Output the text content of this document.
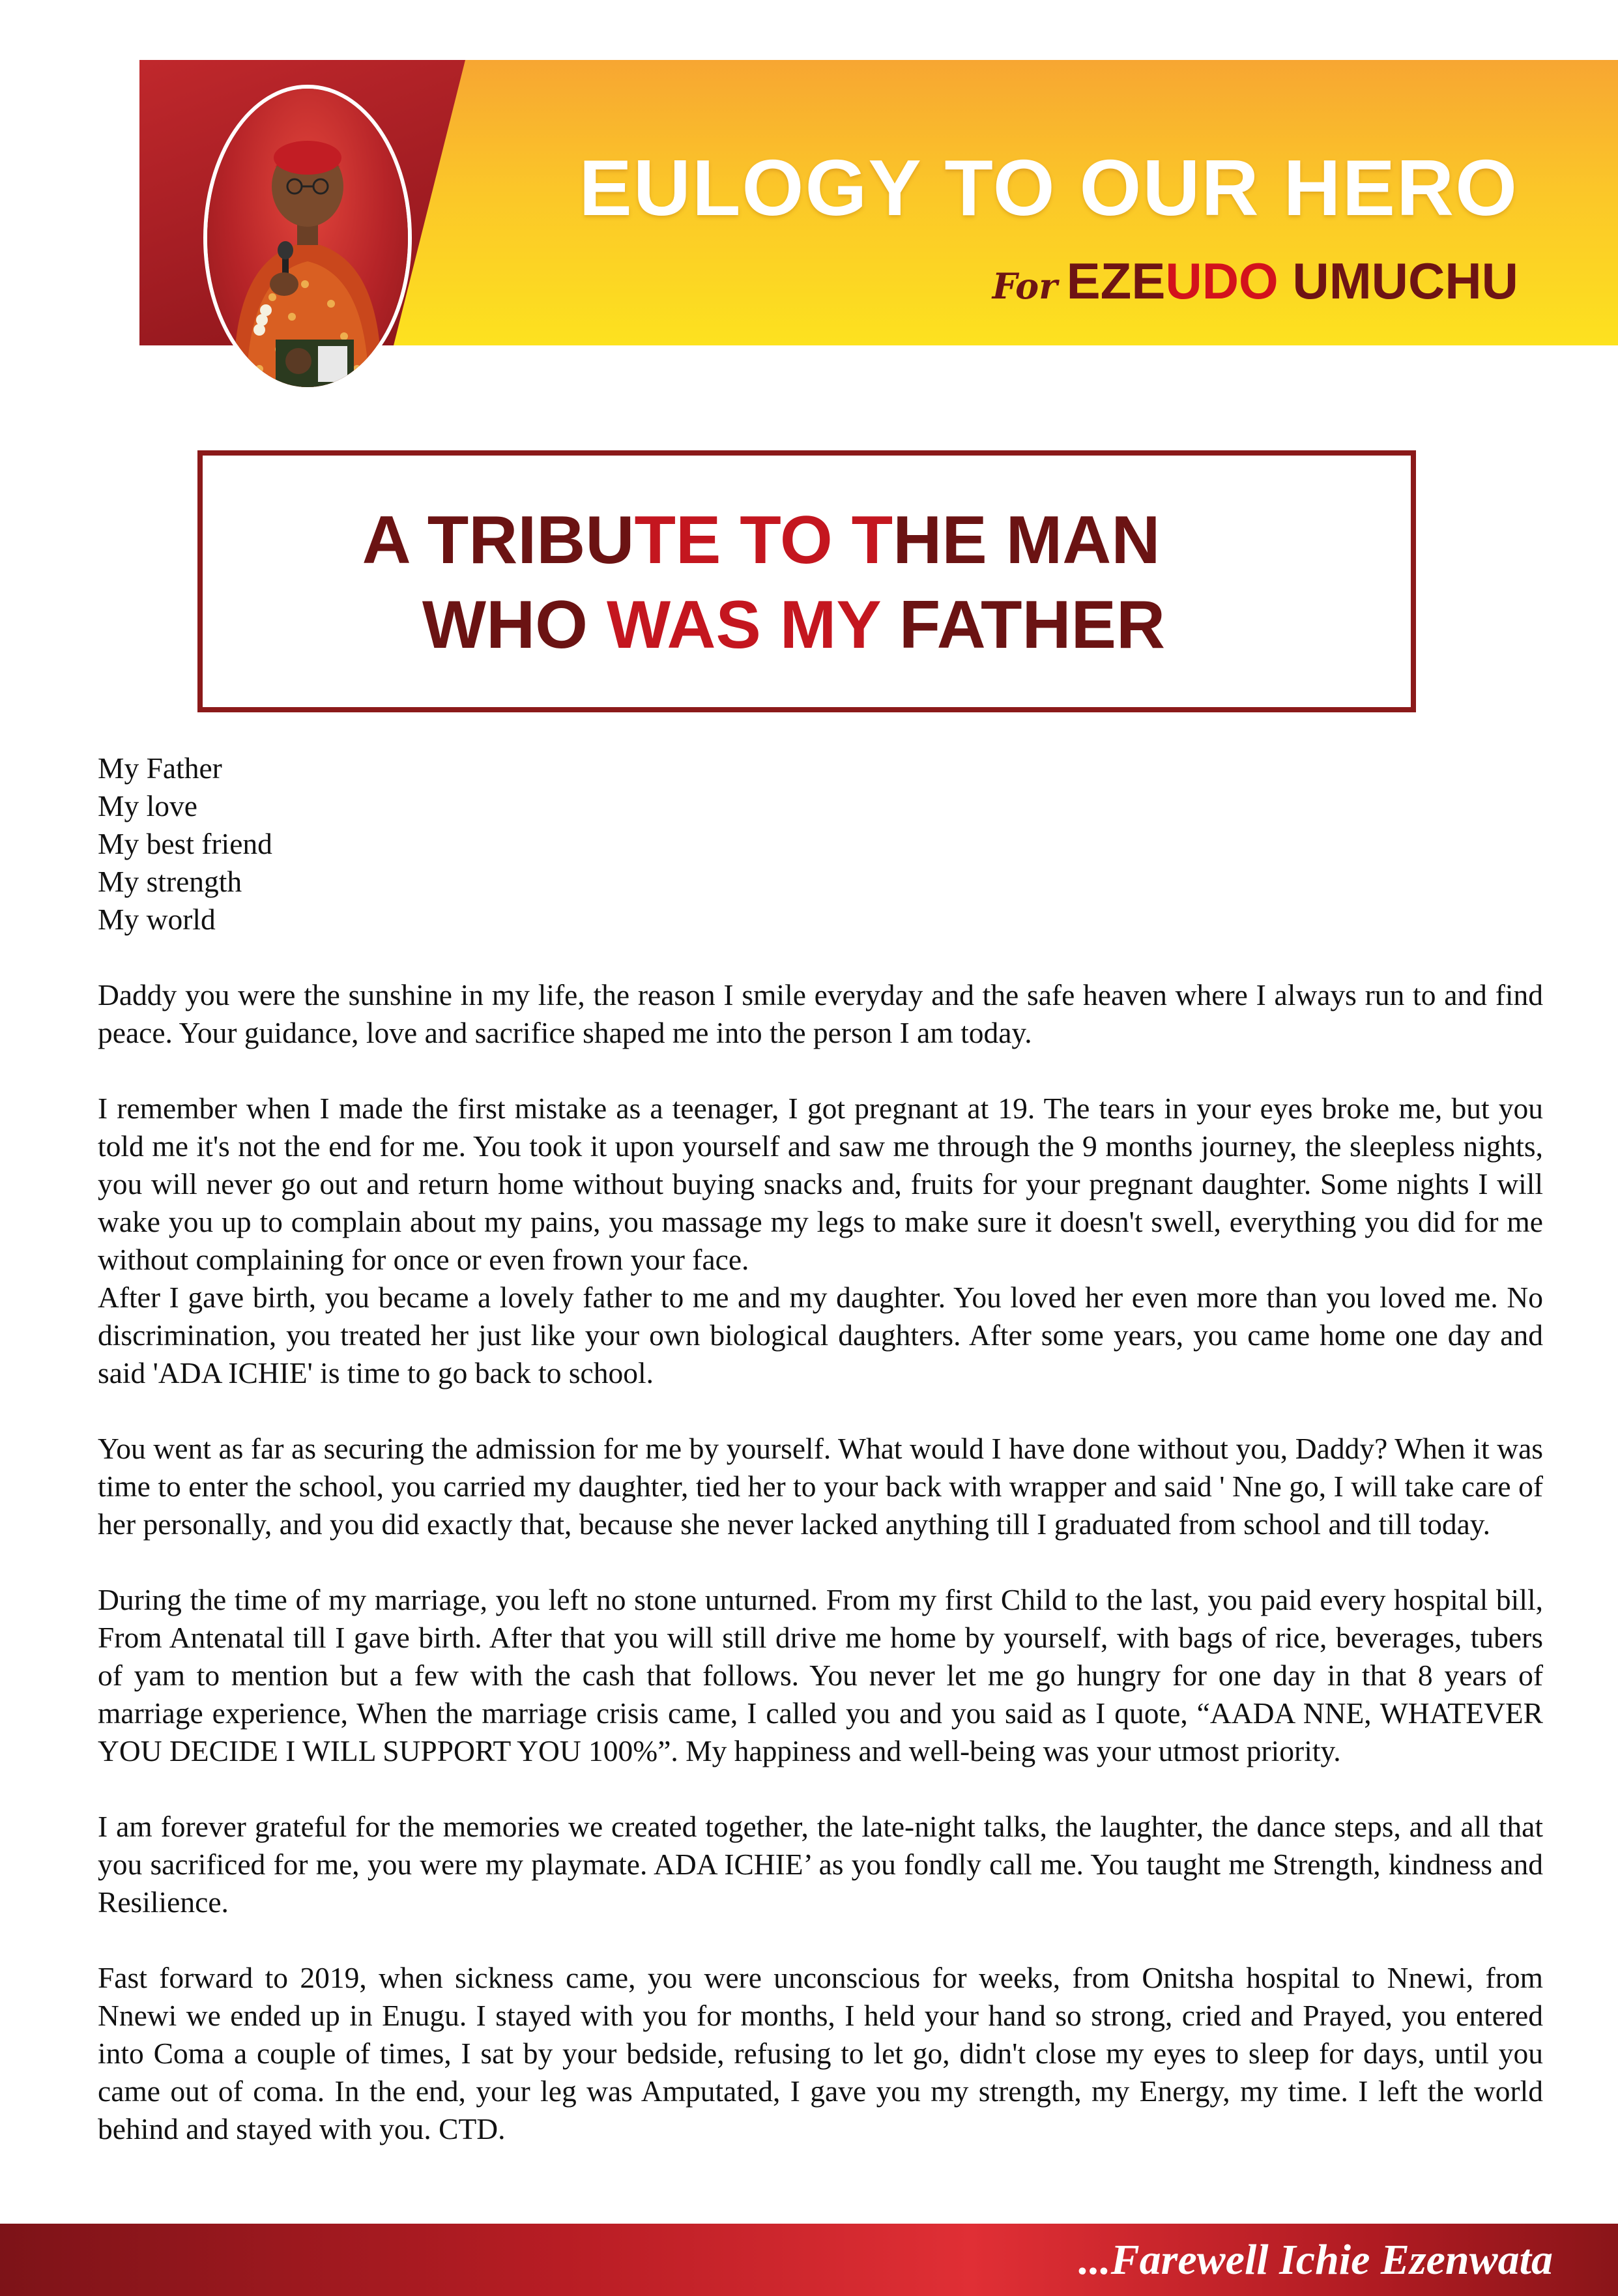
EULOGY TO OUR HERO
For EZEUDO UMUCHU
A TRIBUTE TO THE MAN
WHO WAS MY FATHER
My Father
My love
My best friend
My strength
My world

Daddy you were the sunshine in my life, the reason I smile everyday and the safe heaven where I always run to and find peace. Your guidance, love and sacrifice shaped me into the person I am today.

I remember when I made the first mistake as a teenager, I got pregnant at 19. The tears in your eyes broke me, but you told me it's not the end for me. You took it upon yourself and saw me through the 9 months journey, the sleepless nights, you will never go out and return home without buying snacks and, fruits for your pregnant daughter. Some nights I will wake you up to complain about my pains, you massage my legs to make sure it doesn't swell, everything you did for me without complaining for once or even frown your face.

After I gave birth, you became a lovely father to me and my daughter. You loved her even more than you loved me. No discrimination, you treated her just like your own biological daughters. After some years, you came home one day and said 'ADA ICHIE' is time to go back to school.

You went as far as securing the admission for me by yourself. What would I have done without you, Daddy? When it was time to enter the school, you carried my daughter, tied her to your back with wrapper and said ' Nne go, I will take care of her personally, and you did exactly that, because she never lacked anything till I graduated from school and till today.

During the time of my marriage, you left no stone unturned. From my first Child to the last, you paid every hospital bill, From Antenatal till I gave birth. After that you will still drive me home by yourself, with bags of rice, beverages, tubers of yam to mention but a few with the cash that follows. You never let me go hungry for one day in that 8 years of marriage experience, When the marriage crisis came, I called you and you said as I quote, “AADA NNE, WHATEVER YOU DECIDE I WILL SUPPORT YOU 100%”. My happiness and well-being was your utmost priority.

I am forever grateful for the memories we created together, the late-night talks, the laughter, the dance steps, and all that you sacrificed for me, you were my playmate. ADA ICHIE’ as you fondly call me. You taught me Strength, kindness and Resilience.

Fast forward to 2019, when sickness came, you were unconscious for weeks, from Onitsha hospital to Nnewi, from Nnewi we ended up in Enugu. I stayed with you for months, I held your hand so strong, cried and Prayed, you entered into Coma a couple of times, I sat by your bedside, refusing to let go, didn't close my eyes to sleep for days, until you came out of coma. In the end, your leg was Amputated, I gave you my strength, my Energy, my time. I left the world behind and stayed with you. CTD.

...Farewell Ichie Ezenwata
